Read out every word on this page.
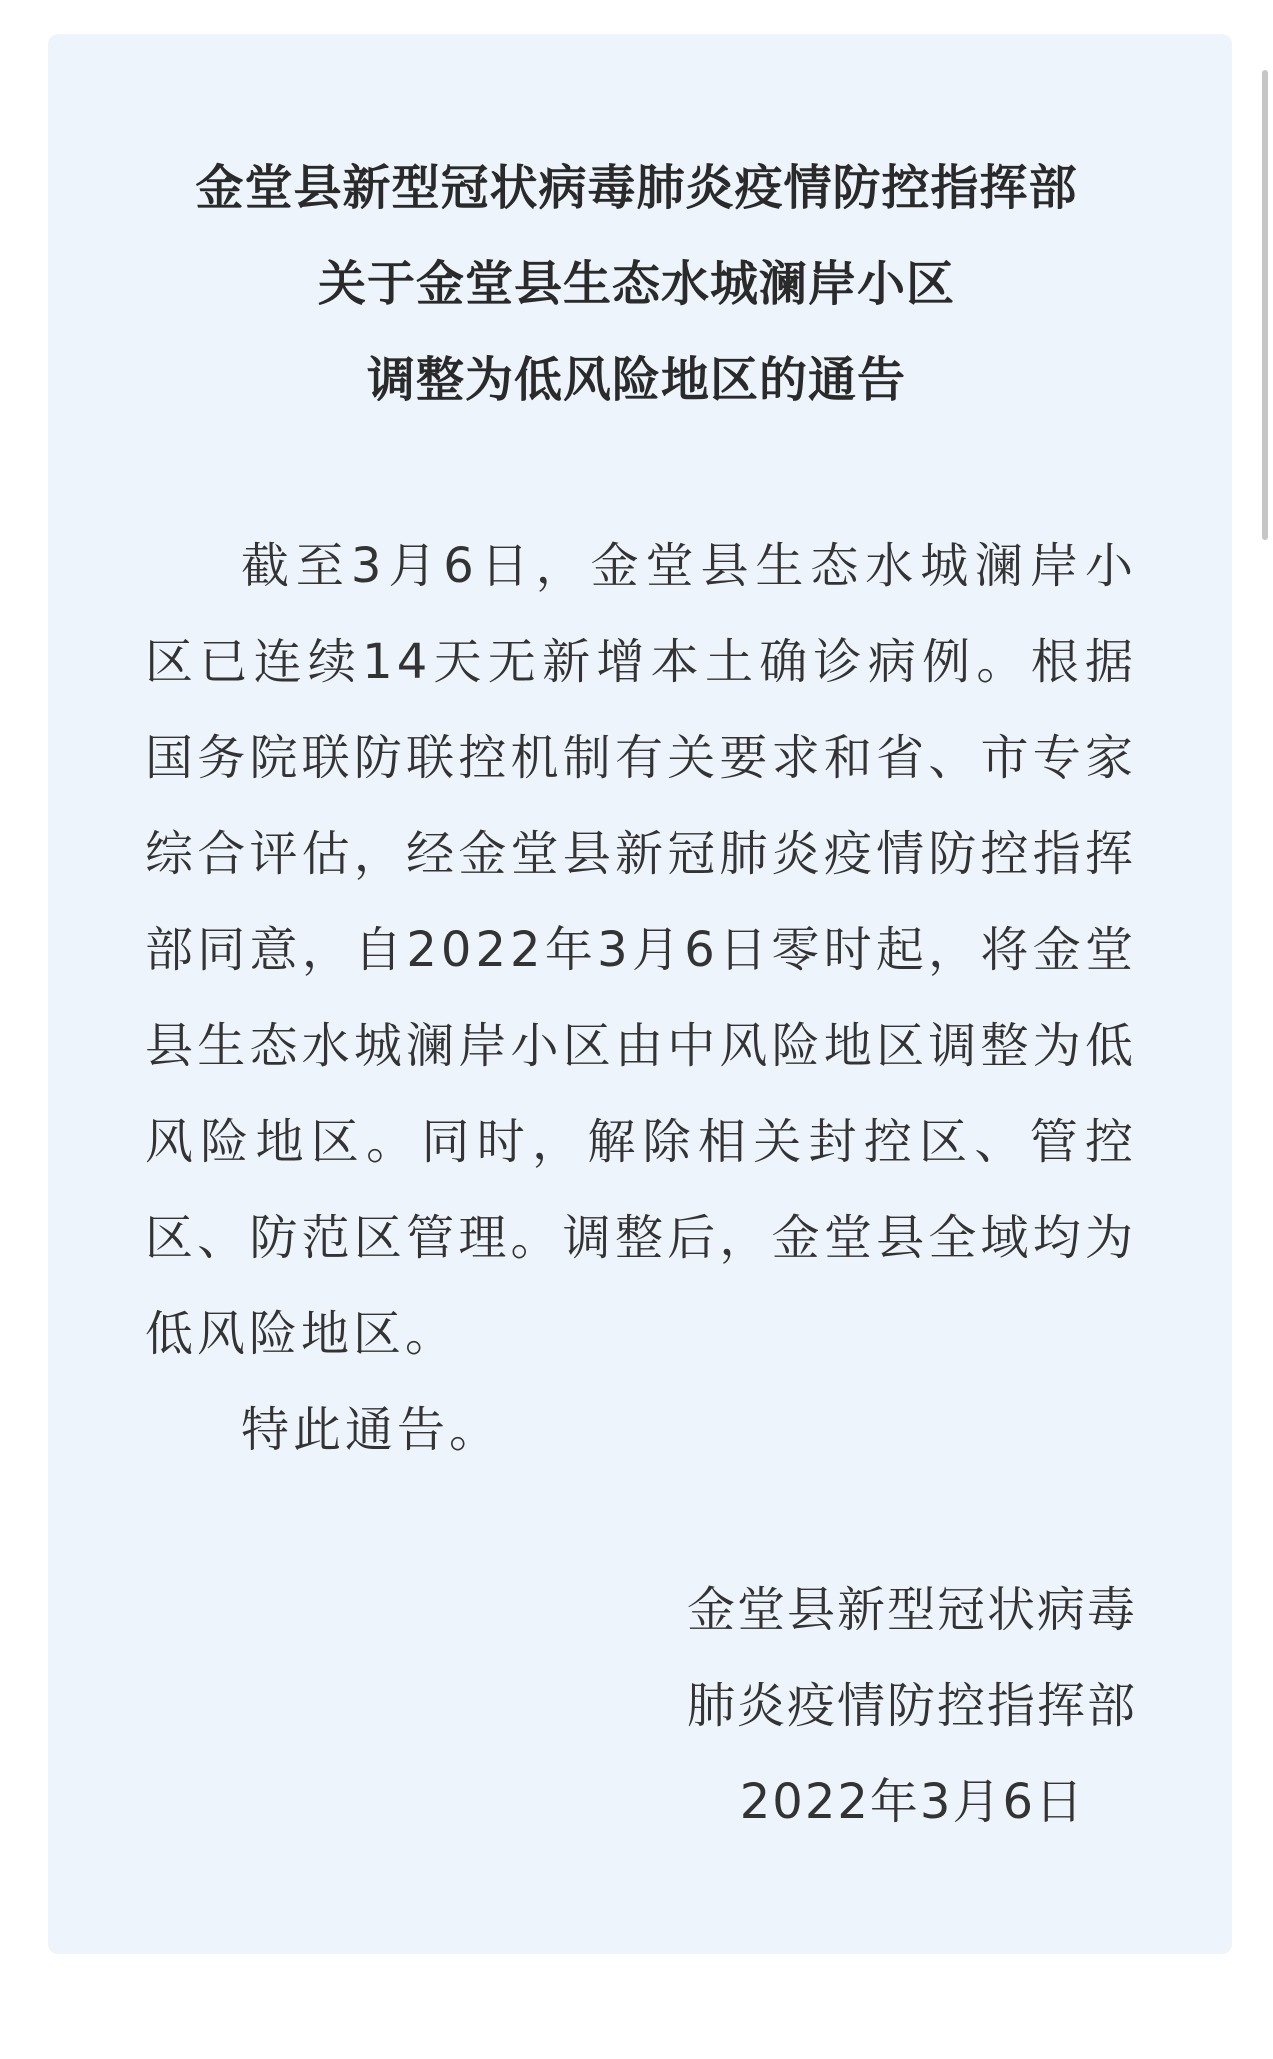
金堂县新型冠状病毒肺炎疫情防控指挥部
关于金堂县生态水城澜岸小区
调整为低风险地区的通告

截至3月6日，金堂县生态水城澜岸小区已连续14天无新增本土确诊病例。根据国务院联防联控机制有关要求和省、市专家综合评估，经金堂县新冠肺炎疫情防控指挥部同意，自2022年3月6日零时起，将金堂县生态水城澜岸小区由中风险地区调整为低风险地区。同时，解除相关封控区、管控区、防范区管理。调整后，金堂县全域均为低风险地区。

特此通告。

金堂县新型冠状病毒
肺炎疫情防控指挥部
2022年3月6日
